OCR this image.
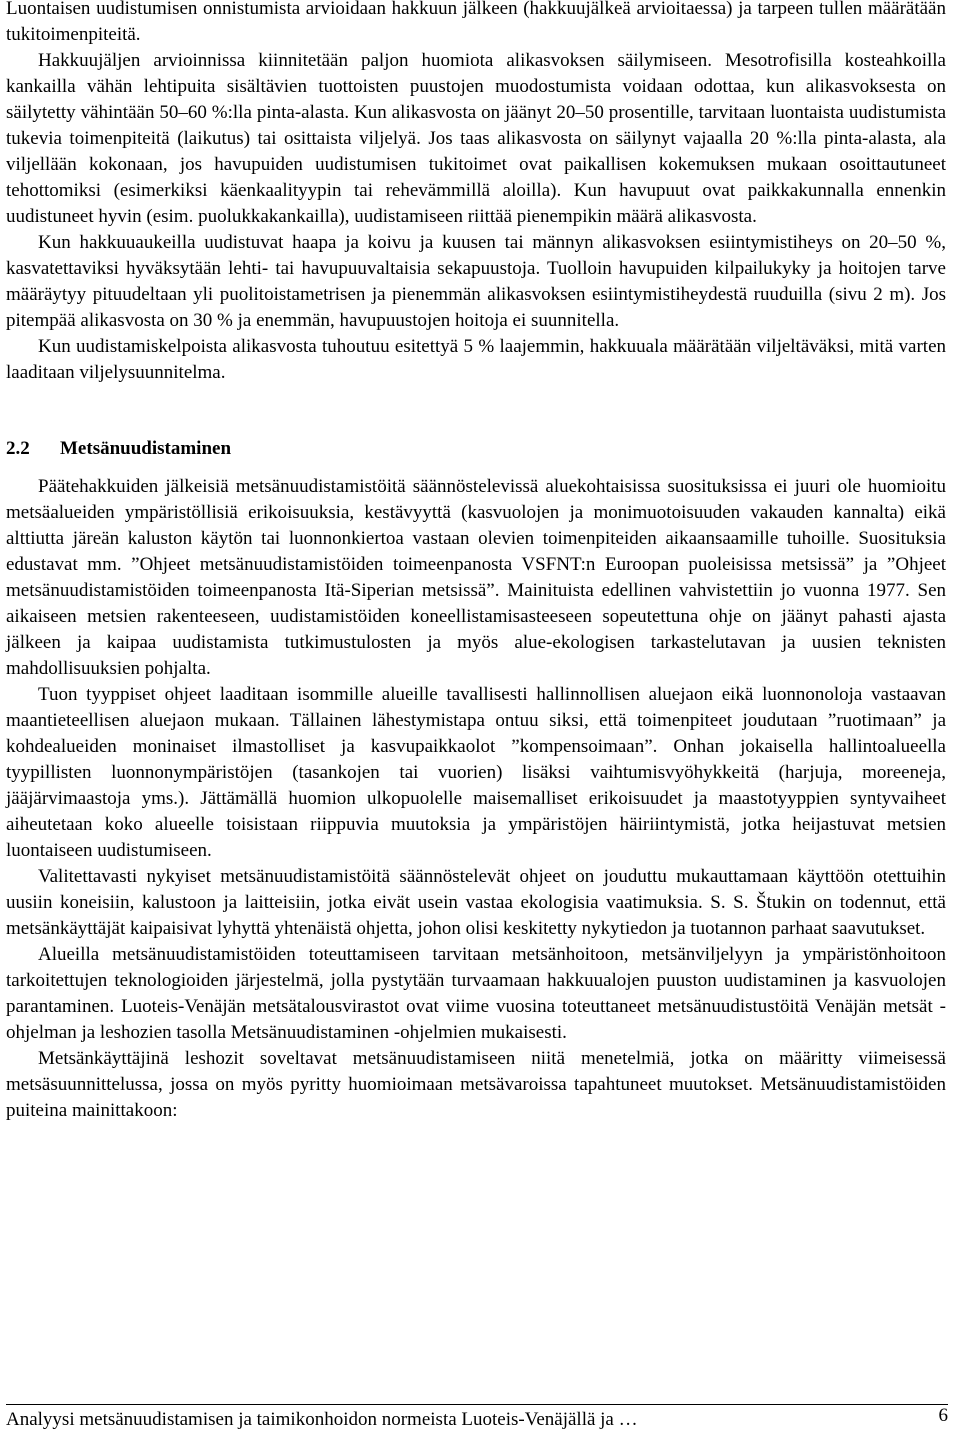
Luontaisen uudistumisen onnistumista arvioidaan hakkuun jälkeen (hakkuujälkeä arvioitaessa) ja tarpeen tullen määrätään tukitoimenpiteitä.

Hakkuujäljen arvioinnissa kiinnitetään paljon huomiota alikasvoksen säilymiseen. Mesotrofisilla kosteahkoilla kankailla vähän lehtipuita sisältävien tuottoisten puustojen muodostumista voidaan odottaa, kun alikasvoksesta on säilytetty vähintään 50–60 %:lla pinta-alasta. Kun alikasvosta on jäänyt 20–50 prosentille, tarvitaan luontaista uudistumista tukevia toimenpiteitä (laikutus) tai osittaista viljelyä. Jos taas alikasvosta on säilynyt vajaalla 20 %:lla pinta-alasta, ala viljellään kokonaan, jos havupuiden uudistumisen tukitoimet ovat paikallisen kokemuksen mukaan osoittautuneet tehottomiksi (esimerkiksi käenkaalityypin tai rehevämmillä aloilla). Kun havupuut ovat paikkakunnalla ennenkin uudistuneet hyvin (esim. puolukkakankailla), uudistamiseen riittää pienempikin määrä alikasvosta.

Kun hakkuuaukeilla uudistuvat haapa ja koivu ja kuusen tai männyn alikasvoksen esiintymistiheys on 20–50 %, kasvatettaviksi hyväksytään lehti- tai havupuuvaltaisia sekapuustoja. Tuolloin havupuiden kilpailukyky ja hoitojen tarve määräytyy pituudeltaan yli puolitoistametrisen ja pienemmän alikasvoksen esiintymistiheydestä ruuduilla (sivu 2 m). Jos pitempää alikasvosta on 30 % ja enemmän, havupuustojen hoitoja ei suunnitella.

Kun uudistamiskelpoista alikasvosta tuhoutuu esitettyä 5 % laajemmin, hakkuuala määrätään viljeltäväksi, mitä varten laaditaan viljelysuunnitelma.

2.2 Metsänuudistaminen

Päätehakkuiden jälkeisiä metsänuudistamistöitä säännöstelevissä aluekohtaisissa suosituksissa ei juuri ole huomioitu metsäalueiden ympäristöllisiä erikoisuuksia, kestävyyttä (kasvuolojen ja monimuotoisuuden vakauden kannalta) eikä alttiutta järeän kaluston käytön tai luonnonkiertoa vastaan olevien toimenpiteiden aikaansaamille tuhoille. Suosituksia edustavat mm. ”Ohjeet metsänuudistamistöiden toimeenpanosta VSFNT:n Euroopan puoleisissa metsissä” ja ”Ohjeet metsänuudistamistöiden toimeenpanosta Itä-Siperian metsissä”. Mainituista edellinen vahvistettiin jo vuonna 1977. Sen aikaiseen metsien rakenteeseen, uudistamistöiden koneellistamisasteeseen sopeutettuna ohje on jäänyt pahasti ajasta jälkeen ja kaipaa uudistamista tutkimustulosten ja myös alue-ekologisen tarkastelutavan ja uusien teknisten mahdollisuuksien pohjalta.

Tuon tyyppiset ohjeet laaditaan isommille alueille tavallisesti hallinnollisen aluejaon eikä luonnonoloja vastaavan maantieteellisen aluejaon mukaan. Tällainen lähestymistapa ontuu siksi, että toimenpiteet joudutaan ”ruotimaan” ja kohdealueiden moninaiset ilmastolliset ja kasvupaikkaolot ”kompensoimaan”. Onhan jokaisella hallintoalueella tyypillisten luonnonympäristöjen (tasankojen tai vuorien) lisäksi vaihtumisvyöhykkeitä (harjuja, moreeneja, jääjärvimaastoja yms.). Jättämällä huomion ulkopuolelle maisemalliset erikoisuudet ja maastotyyppien syntyvaiheet aiheutetaan koko alueelle toisistaan riippuvia muutoksia ja ympäristöjen häiriintymistä, jotka heijastuvat metsien luontaiseen uudistumiseen.

Valitettavasti nykyiset metsänuudistamistöitä säännöstelevät ohjeet on jouduttu mukauttamaan käyttöön otettuihin uusiin koneisiin, kalustoon ja laitteisiin, jotka eivät usein vastaa ekologisia vaatimuksia. S. S. Štukin on todennut, että metsänkäyttäjät kaipaisivat lyhyttä yhtenäistä ohjetta, johon olisi keskitetty nykytiedon ja tuotannon parhaat saavutukset.

Alueilla metsänuudistamistöiden toteuttamiseen tarvitaan metsänhoitoon, metsänviljelyyn ja ympäristönhoitoon tarkoitettujen teknologioiden järjestelmä, jolla pystytään turvaamaan hakkuualojen puuston uudistaminen ja kasvuolojen parantaminen. Luoteis-Venäjän metsätalousvirastot ovat viime vuosina toteuttaneet metsänuudistustöitä Venäjän metsät -ohjelman ja leshozien tasolla Metsänuudistaminen -ohjelmien mukaisesti.

Metsänkäyttäjinä leshozit soveltavat metsänuudistamiseen niitä menetelmiä, jotka on määritty viimeisessä metsäsuunnittelussa, jossa on myös pyritty huomioimaan metsävaroissa tapahtuneet muutokset. Metsänuudistamistöiden puiteina mainittakoon:

Analyysi metsänuudistamisen ja taimikonhoidon normeista Luoteis-Venäjällä ja …	6
